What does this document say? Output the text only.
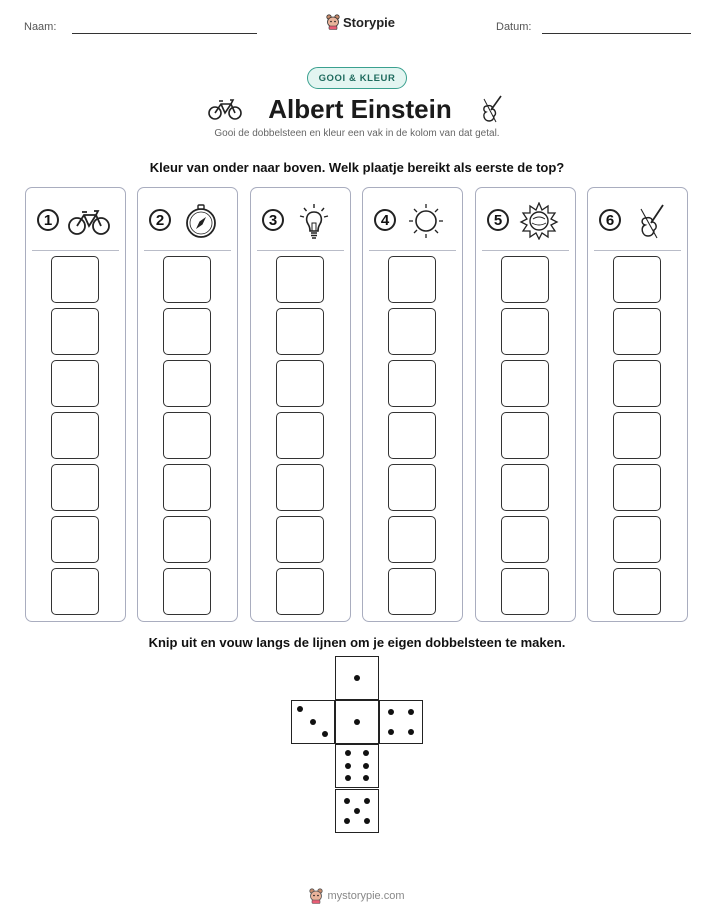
Naam:	Storypie	Datum:
GOOI & KLEUR
Albert Einstein
Gooi de dobbelsteen en kleur een vak in de kolom van dat getal.
Kleur van onder naar boven. Welk plaatje bereikt als eerste de top?
1	2	3	4	5	6
Knip uit en vouw langs de lijnen om je eigen dobbelsteen te maken.
mystorypie.com
